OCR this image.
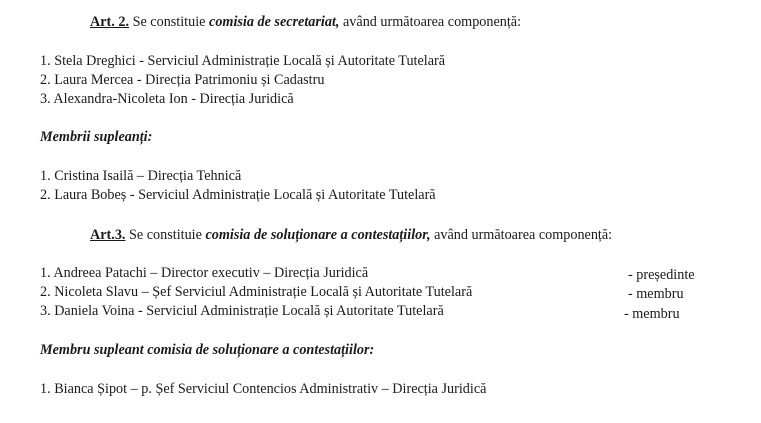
Art. 2. Se constituie comisia de secretariat, având următoarea componență:
1. Stela Dreghici - Serviciul Administrație Locală și Autoritate Tutelară
2. Laura Mercea - Direcția Patrimoniu și Cadastru
3. Alexandra-Nicoleta Ion - Direcția Juridică
Membrii supleanți:
1. Cristina Isailă – Direcția Tehnică
2. Laura Bobeș - Serviciul Administrație Locală și Autoritate Tutelară
Art.3. Se constituie comisia de soluționare a contestațiilor, având următoarea componență:
1. Andreea Patachi – Director executiv – Direcția Juridică	- președinte
2. Nicoleta Slavu – Șef Serviciul Administrație Locală și Autoritate Tutelară	- membru
3. Daniela Voina - Serviciul Administrație Locală și Autoritate Tutelară	- membru
Membru supleant comisia de soluționare a contestațiilor:
1. Bianca Șipot – p. Șef Serviciul Contencios Administrativ – Direcția Juridică
